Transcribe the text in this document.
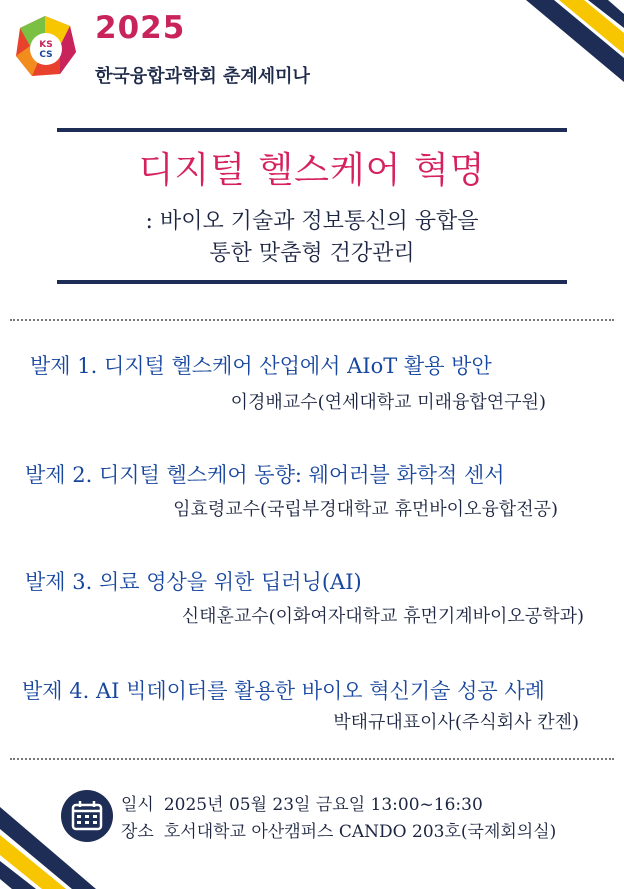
KS
CS
2025
한국융합과학회 춘계세미나
디지털 헬스케어 혁명
: 바이오 기술과 정보통신의 융합을
통한 맞춤형 건강관리
발제 1. 디지털 헬스케어 산업에서 AIoT 활용 방안
이경배교수(연세대학교 미래융합연구원)
발제 2. 디지털 헬스케어 동향: 웨어러블 화학적 센서
임효령교수(국립부경대학교 휴먼바이오융합전공)
발제 3. 의료 영상을 위한 딥러닝(AI)
신태훈교수(이화여자대학교 휴먼기계바이오공학과)
발제 4. AI 빅데이터를 활용한 바이오 혁신기술 성공 사례
박태규대표이사(주식회사 칸젠)
일시 2025년 05월 23일 금요일 13:00~16:30
장소 호서대학교 아산캠퍼스 CANDO 203호(국제회의실)
